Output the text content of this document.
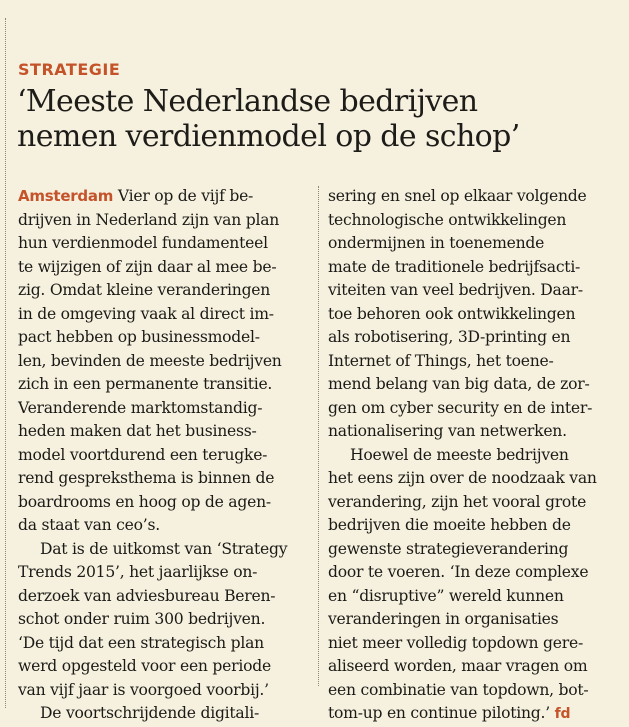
STRATEGIE
‘Meeste Nederlandse bedrijven
nemen verdienmodel op de schop’
Amsterdam Vier op de vijf be-
drijven in Nederland zijn van plan
hun verdienmodel fundamenteel
te wijzigen of zijn daar al mee be-
zig. Omdat kleine veranderingen
in de omgeving vaak al direct im-
pact hebben op businessmodel-
len, bevinden de meeste bedrijven
zich in een permanente transitie.
Veranderende marktomstandig-
heden maken dat het business-
model voortdurend een terugke-
rend gespreksthema is binnen de
boardrooms en hoog op de agen-
da staat van ceo’s.
Dat is de uitkomst van ‘Strategy
Trends 2015’, het jaarlijkse on-
derzoek van adviesbureau Beren-
schot onder ruim 300 bedrijven.
‘De tijd dat een strategisch plan
werd opgesteld voor een periode
van vijf jaar is voorgoed voorbij.’
De voortschrijdende digitali-
sering en snel op elkaar volgende
technologische ontwikkelingen
ondermijnen in toenemende
mate de traditionele bedrijfsacti-
viteiten van veel bedrijven. Daar-
toe behoren ook ontwikkelingen
als robotisering, 3D-printing en
Internet of Things, het toene-
mend belang van big data, de zor-
gen om cyber security en de inter-
nationalisering van netwerken.
Hoewel de meeste bedrijven
het eens zijn over de noodzaak van
verandering, zijn het vooral grote
bedrijven die moeite hebben de
gewenste strategieverandering
door te voeren. ‘In deze complexe
en “disruptive” wereld kunnen
veranderingen in organisaties
niet meer volledig topdown gere-
aliseerd worden, maar vragen om
een combinatie van topdown, bot-
tom-up en continue piloting.’ fd
